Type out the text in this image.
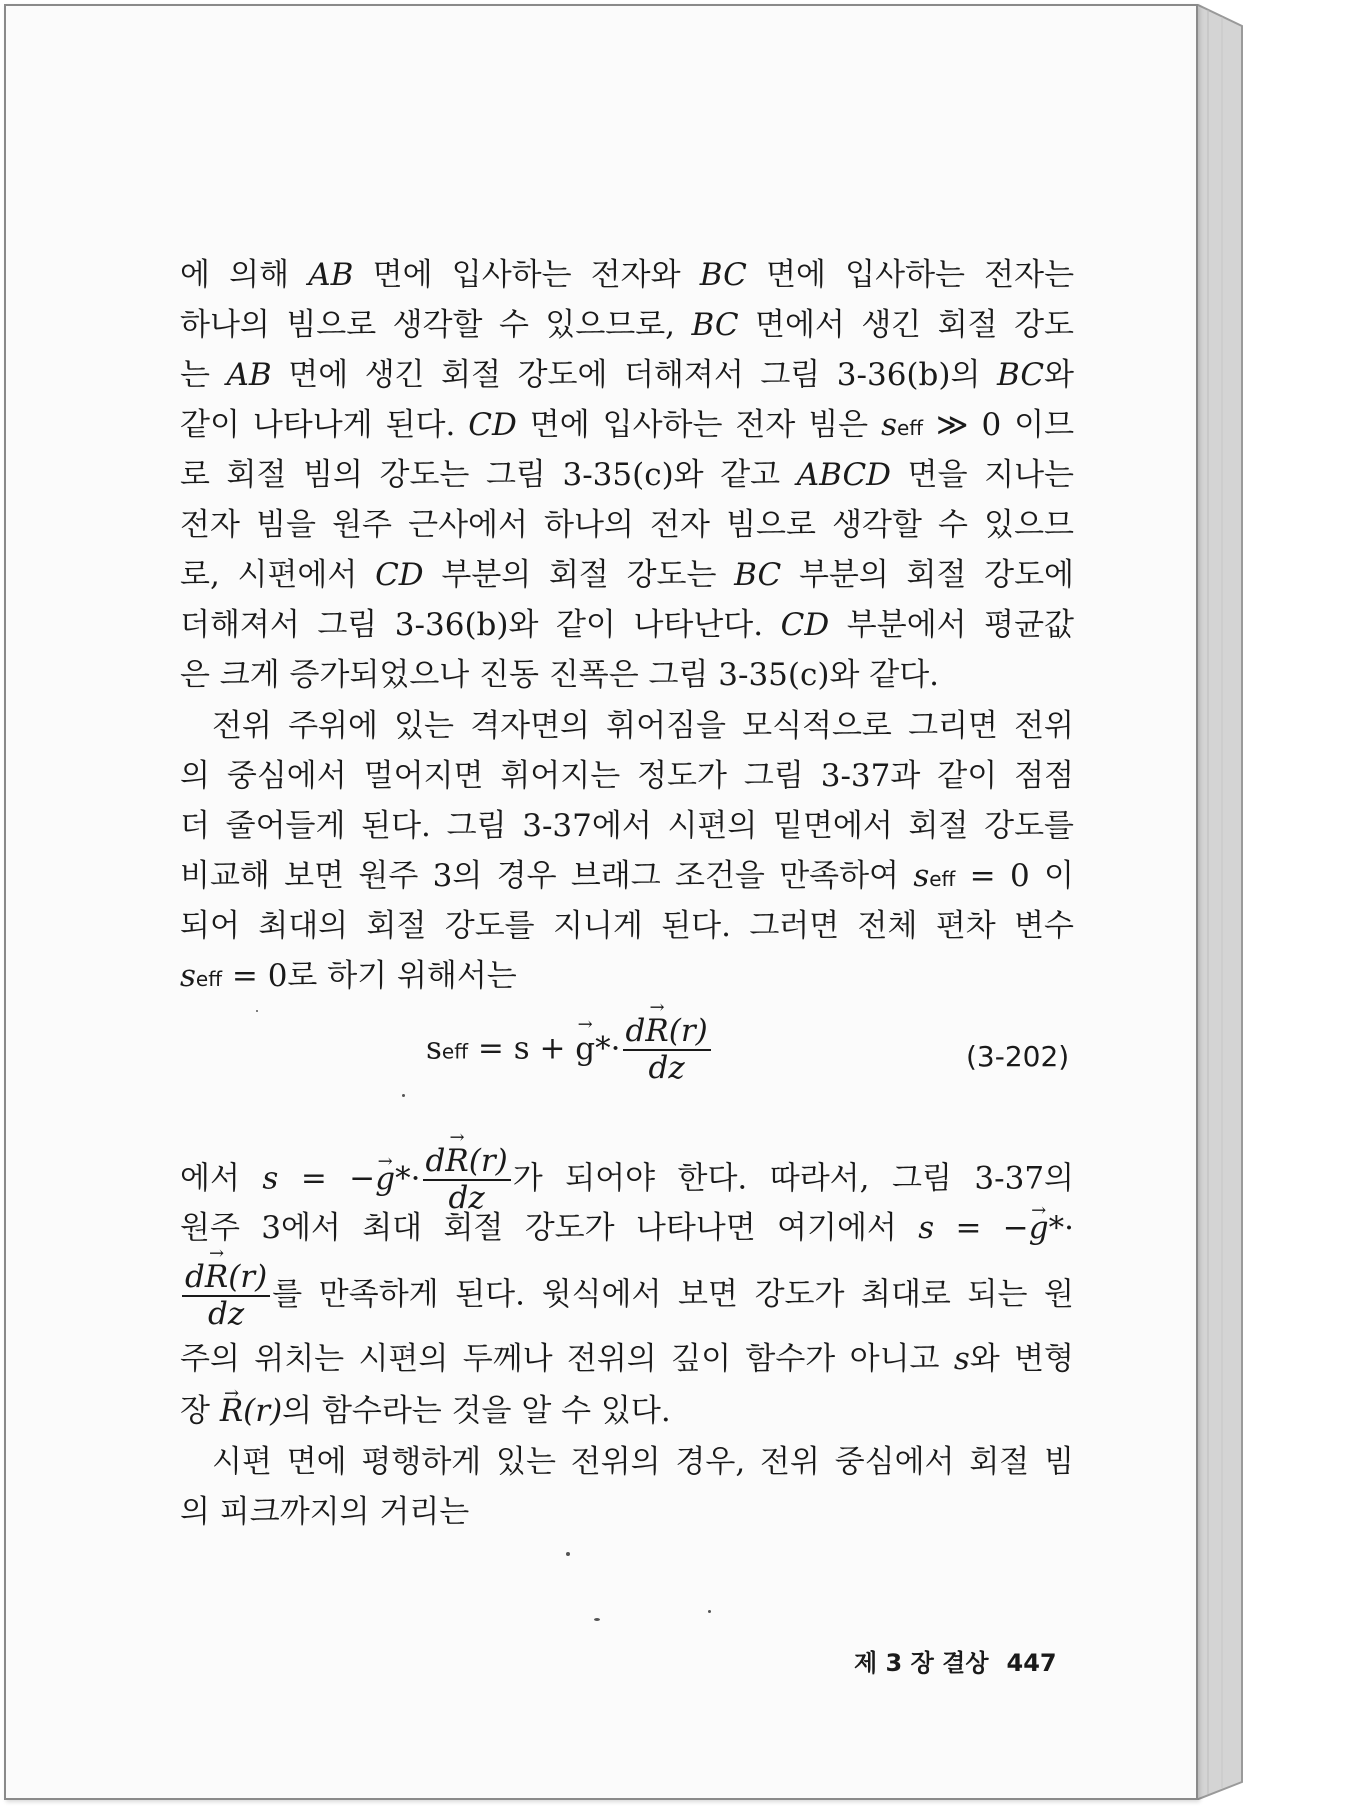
에 의해 AB 면에 입사하는 전자와 BC 면에 입사하는 전자는
하나의 빔으로 생각할 수 있으므로, BC 면에서 생긴 회절 강도
는 AB 면에 생긴 회절 강도에 더해져서 그림 3-36(b)의 BC와
같이 나타나게 된다. CD 면에 입사하는 전자 빔은 seff ≫ 0 이므
로 회절 빔의 강도는 그림 3-35(c)와 같고 ABCD 면을 지나는
전자 빔을 원주 근사에서 하나의 전자 빔으로 생각할 수 있으므
로, 시편에서 CD 부분의 회절 강도는 BC 부분의 회절 강도에
더해져서 그림 3-36(b)와 같이 나타난다. CD 부분에서 평균값
은 크게 증가되었으나 진동 진폭은 그림 3-35(c)와 같다.
전위 주위에 있는 격자면의 휘어짐을 모식적으로 그리면 전위
의 중심에서 멀어지면 휘어지는 정도가 그림 3-37과 같이 점점
더 줄어들게 된다. 그림 3-37에서 시편의 밑면에서 회절 강도를
비교해 보면 원주 3의 경우 브래그 조건을 만족하여 seff = 0 이
되어 최대의 회절 강도를 지니게 된다. 그러면 전체 편차 변수
seff = 0로 하기 위해서는
seff = s + → $g*\cdot \frac{d\to R(r)}{dz}$	(3-202)
에서 s = −→ $g*\cdot \frac{d\to R(r)}{dz}$ 가 되어야 한다. 따라서, 그림 3-37의
원주 3에서 최대 회절 강도가 나타나면 여기에서 s = −→ g*·
$\frac{d\to R(r)}{dz}$ 를 만족하게 된다. 윗식에서 보면 강도가 최대로 되는 원
주의 위치는 시편의 두께나 전위의 깊이 함수가 아니고 s와 변형
장 → R(r)의 함수라는 것을 알 수 있다.
시편 면에 평행하게 있는 전위의 경우, 전위 중심에서 회절 빔
의 피크까지의 거리는
제 3 장 결상 447
